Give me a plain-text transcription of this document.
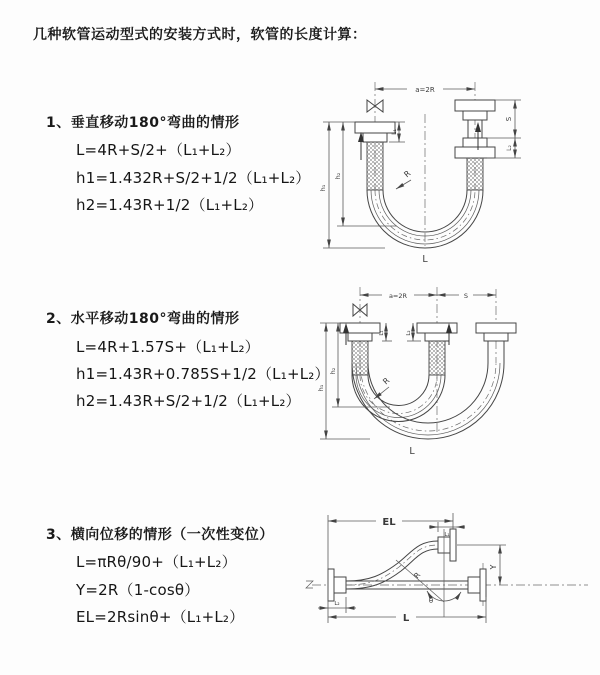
几种软管运动型式的安装方式时，软管的长度计算：
1、垂直移动180°弯曲的情形
L=4R+S/2+（L₁+L₂）
h1=1.432R+S/2+1/2（L₁+L₂）
h2=1.43R+1/2（L₁+L₂）
2、水平移动180°弯曲的情形
L=4R+1.57S+（L₁+L₂）
h1=1.43R+0.785S+1/2（L₁+L₂）
h2=1.43R+S/2+1/2（L₁+L₂）
3、横向位移的情形（一次性变位）
L=πRθ/90+（L₁+L₂）
Y=2R（1-cosθ）
EL=2Rsinθ+（L₁+L₂）
a=2R
h₁
h₂
L₁
S
L₂
R
L
a=2R	S
h₁
h₂
L₁	L₂
R
L
R
θ
EL
L₁
Y
L
L₂
